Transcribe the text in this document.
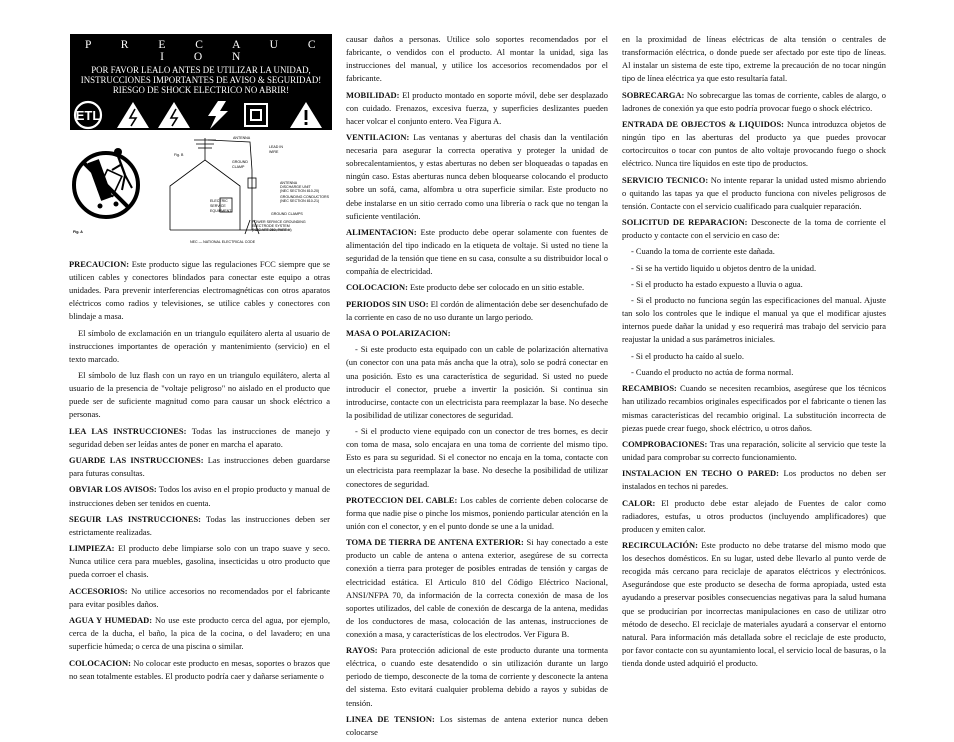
P R E C A U C I O N
POR FAVOR LEALO ANTES DE UTILIZAR LA UNIDAD,
INSTRUCCIONES IMPORTANTES DE AVISO & SEGURIDAD!
RIESGO DE SHOCK ELECTRICO NO ABRIR!
ETL
Fig. A
Fig. B
ANTENNA
LEAD IN
WIRE
GROUND
CLAMP
ANTENNA
DISCHARGE UNIT
(NEC SECTION 810-20)
GROUNDING CONDUCTORS
(NEC SECTION 810-21)
ELECTRIC
SERVICE
EQUIPMENT
GROUND CLAMPS
POWER SERVICE GROUNDING
ELECTRODE SYSTEM
(NEC ART 250, PART H)
NEC — NATIONAL ELECTRICAL CODE

PRECAUCION: Este producto sigue las regulaciones FCC siempre que se utilicen cables y conectores blindados para conectar este equipo a otras unidades. Para prevenir interferencias electromagnéticas con otros aparatos eléctricos como radios y televisiones, se utilice cables y conectores con blindaje a masa.

El símbolo de exclamación en un triangulo equilátero alerta al usuario de instrucciones importantes de operación y mantenimiento (servicio) en el texto marcado.

El símbolo de luz flash con un rayo en un triangulo equilátero, alerta al usuario de la presencia de "voltaje peligroso" no aislado en el producto que puede ser de suficiente magnitud como para causar un shock eléctrico a personas.

LEA LAS INSTRUCCIONES: Todas las instrucciones de manejo y seguridad deben ser leídas antes de poner en marcha el aparato.

GUARDE LAS INSTRUCCIONES: Las instrucciones deben guardarse para futuras consultas.

OBVIAR LOS AVISOS: Todos los aviso en el propio producto y manual de instrucciones deben ser tenidos en cuenta.

SEGUIR LAS INSTRUCCIONES: Todas las instrucciones deben ser estrictamente realizadas.

LIMPIEZA: El producto debe limpiarse solo con un trapo suave y seco. Nunca utilice cera para muebles, gasolina, insecticidas u otro producto que pueda corroer el chasis.

ACCESORIOS: No utilice accesorios no recomendados por el fabricante para evitar posibles daños.

AGUA Y HUMEDAD: No use este producto cerca del agua, por ejemplo, cerca de la ducha, el baño, la pica de la cocina, o del lavadero; en una superficie húmeda; o cerca de una piscina o similar.

COLOCACION: No colocar este producto en mesas, soportes o brazos que no sean totalmente estables. El producto podría caer y dañarse seriamente o

causar daños a personas. Utilice solo soportes recomendados por el fabricante, o vendidos con el producto. Al montar la unidad, siga las instrucciones del manual, y utilice los accesorios recomendados por el fabricante.

MOBILIDAD: El producto montado en soporte móvil, debe ser desplazado con cuidado. Frenazos, excesiva fuerza, y superficies deslizantes pueden hacer volcar el conjunto entero. Vea Figura A.

VENTILACION: Las ventanas y aberturas del chasis dan la ventilación necesaria para asegurar la correcta operativa y proteger la unidad de sobrecalentamientos, y estas aberturas no deben ser bloqueadas o tapadas en ningún caso. Estas aberturas nunca deben bloquearse colocando el producto sobre un sofá, cama, alfombra u otra superficie similar. Este producto no debe instalarse en un sitio cerrado como una librería o rack que no tengan la suficiente ventilación.

ALIMENTACION: Este producto debe operar solamente con fuentes de alimentación del tipo indicado en la etiqueta de voltaje. Si usted no tiene la seguridad de la tensión que tiene en su casa, consulte a su distribuidor local o compañía de electricidad.

COLOCACION: Este producto debe ser colocado en un sitio estable.

PERIODOS SIN USO: El cordón de alimentación debe ser desenchufado de la corriente en caso de no uso durante un largo periodo.

MASA O POLARIZACION:

- Si este producto esta equipado con un cable de polarización alternativa (un conector con una pata más ancha que la otra), solo se podrá conectar en una posición. Esto es una característica de seguridad. Si usted no puede introducir el conector, pruebe a invertir la posición. Si continua sin introducirse, contacte con un electricista para reemplazar la base. No deseche la posibilidad de utilizar conectores de seguridad.

- Si el producto viene equipado con un conector de tres bornes, es decir con toma de masa, solo encajara en una toma de corriente del mismo tipo. Esto es para su seguridad. Si el conector no encaja en la toma, contacte con un electricista para reemplazar la base. No deseche la posibilidad de utilizar conectores de seguridad.

PROTECCION DEL CABLE: Los cables de corriente deben colocarse de forma que nadie pise o pinche los mismos, poniendo particular atención en la unión con el conector, y en el punto donde se une a la unidad.

TOMA DE TIERRA DE ANTENA EXTERIOR: Si hay conectado a este producto un cable de antena o antena exterior, asegúrese de su correcta conexión a tierra para proteger de posibles entradas de tensión y cargas de electricidad estática. El Articulo 810 del Código Eléctrico Nacional, ANSI/NFPA 70, da información de la correcta conexión de masa de los soportes utilizados, del cable de conexión de descarga de la antena, medidas de los conductores de masa, colocación de las antenas, instrucciones de conexión a masa, y características de los electrodos. Ver Figura B.

RAYOS: Para protección adicional de este producto durante una tormenta eléctrica, o cuando este desatendido o sin utilización durante un largo periodo de tiempo, desconecte de la toma de corriente y desconecte la antena del sistema. Esto evitará cualquier problema debido a rayos y subidas de tensión.

LINEA DE TENSION: Los sistemas de antena exterior nunca deben colocarse

en la proximidad de líneas eléctricas de alta tensión o centrales de transformación eléctrica, o donde puede ser afectado por este tipo de líneas. Al instalar un sistema de este tipo, extreme la precaución de no tocar ningún tipo de línea eléctrica ya que esto resultaría fatal.

SOBRECARGA: No sobrecargue las tomas de corriente, cables de alargo, o ladrones de conexión ya que esto podría provocar fuego o shock eléctrico.

ENTRADA DE OBJECTOS & LIQUIDOS: Nunca introduzca objetos de ningún tipo en las aberturas del producto ya que puedes provocar cortocircuitos o tocar con puntos de alto voltaje provocando fuego o shock eléctrico. Nunca tire líquidos en este tipo de productos.

SERVICIO TECNICO: No intente reparar la unidad usted mismo abriendo o quitando las tapas ya que el producto funciona con niveles peligrosos de tensión. Contacte con el servicio cualificado para cualquier reparación.

SOLICITUD DE REPARACION: Desconecte de la toma de corriente el producto y contacte con el servicio en caso de:

- Cuando la toma de corriente este dañada.

- Si se ha vertido liquido u objetos dentro de la unidad.

- Si el producto ha estado expuesto a lluvia o agua.

- Si el producto no funciona según las especificaciones del manual. Ajuste tan solo los controles que le indique el manual ya que el modificar ajustes internos puede dañar la unidad y eso requerirá mas trabajo del servicio para reajustar la unidad a sus parámetros iniciales.

- Si el producto ha caído al suelo.

- Cuando el producto no actúa de forma normal.

RECAMBIOS: Cuando se necesiten recambios, asegúrese que los técnicos han utilizado recambios originales especificados por el fabricante o tienen las mismas características del recambio original. La substitución incorrecta de piezas puede crear fuego, shock eléctrico, u otros daños.

COMPROBACIONES: Tras una reparación, solicite al servicio que teste la unidad para comprobar su correcto funcionamiento.

INSTALACION EN TECHO O PARED: Los productos no deben ser instalados en techos ni paredes.

CALOR: El producto debe estar alejado de Fuentes de calor como radiadores, estufas, u otros productos (incluyendo amplificadores) que producen y emiten calor.

RECIRCULACIÓN: Este producto no debe tratarse del mismo modo que los desechos domésticos. En su lugar, usted debe llevarlo al punto verde de recogida más cercano para reciclaje de aparatos eléctricos y electrónicos. Asegurándose que este producto se desecha de forma apropiada, usted esta ayudando a preservar posibles consecuencias negativas para la salud humana que se producirían por incorrectas manipulaciones en caso de utilizar otro método de desecho. El reciclaje de materiales ayudará a conservar el entorno natural. Para información más detallada sobre el reciclaje de este producto, por favor contacte con su ayuntamiento local, el servicio local de basuras, o la tienda donde usted adquirió el producto.
